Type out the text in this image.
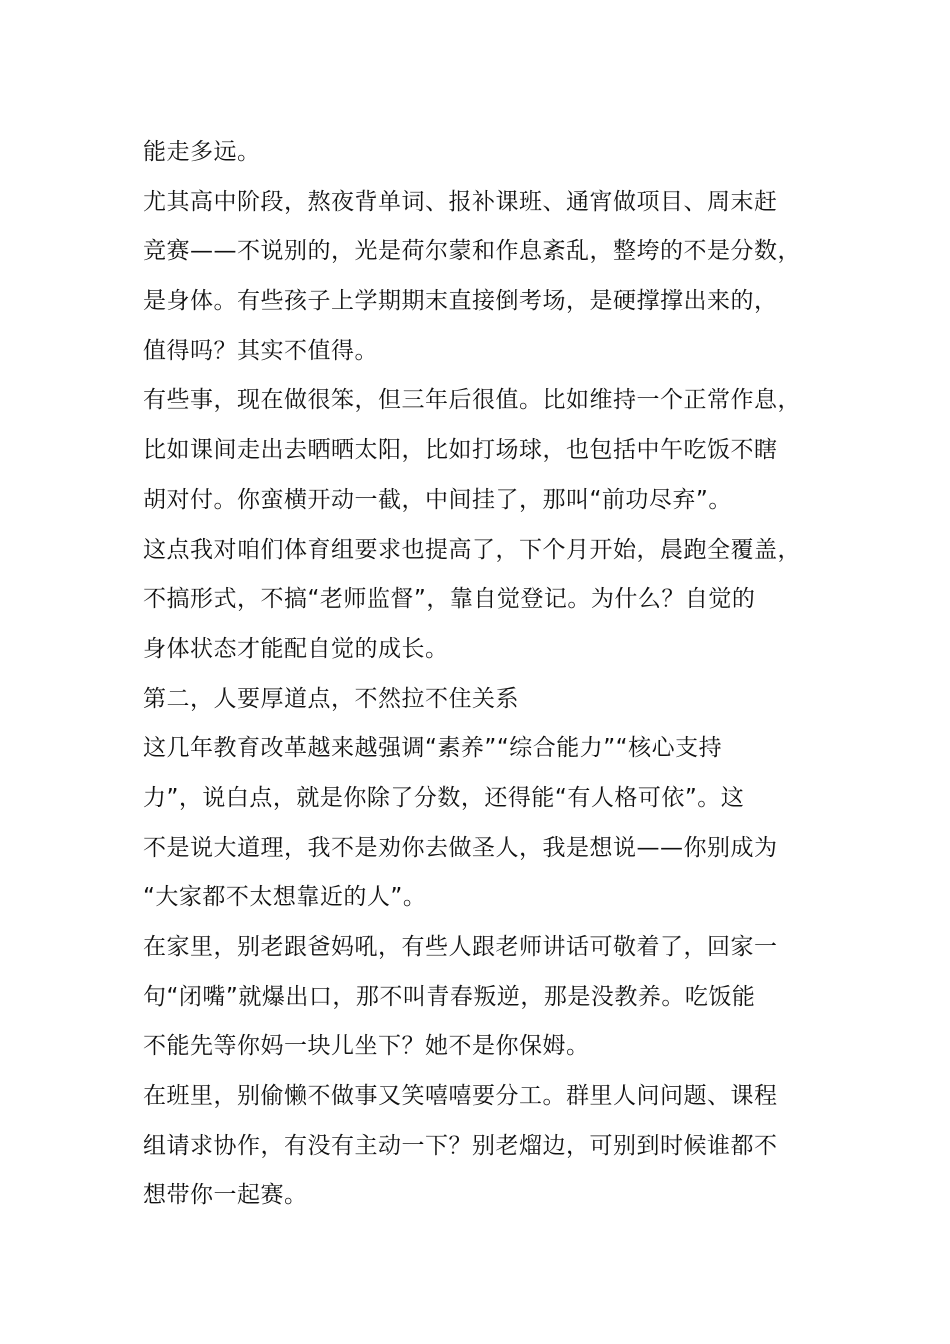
能走多远。
尤其高中阶段，熬夜背单词、报补课班、通宵做项目、周末赶
竞赛——不说别的，光是荷尔蒙和作息紊乱，整垮的不是分数，
是身体。有些孩子上学期期末直接倒考场，是硬撑撑出来的，
值得吗？其实不值得。
有些事，现在做很笨，但三年后很值。比如维持一个正常作息，
比如课间走出去晒晒太阳，比如打场球，也包括中午吃饭不瞎
胡对付。你蛮横开动一截，中间挂了，那叫“前功尽弃”。
这点我对咱们体育组要求也提高了，下个月开始，晨跑全覆盖，
不搞形式，不搞“老师监督”，靠自觉登记。为什么？自觉的
身体状态才能配自觉的成长。
第二，人要厚道点，不然拉不住关系
这几年教育改革越来越强调“素养”“综合能力”“核心支持
力”，说白点，就是你除了分数，还得能“有人格可依”。这
不是说大道理，我不是劝你去做圣人，我是想说——你别成为
“大家都不太想靠近的人”。
在家里，别老跟爸妈吼，有些人跟老师讲话可敬着了，回家一
句“闭嘴”就爆出口，那不叫青春叛逆，那是没教养。吃饭能
不能先等你妈一块儿坐下？她不是你保姆。
在班里，别偷懒不做事又笑嘻嘻要分工。群里人问问题、课程
组请求协作，有没有主动一下？别老熘边，可别到时候谁都不
想带你一起赛。
